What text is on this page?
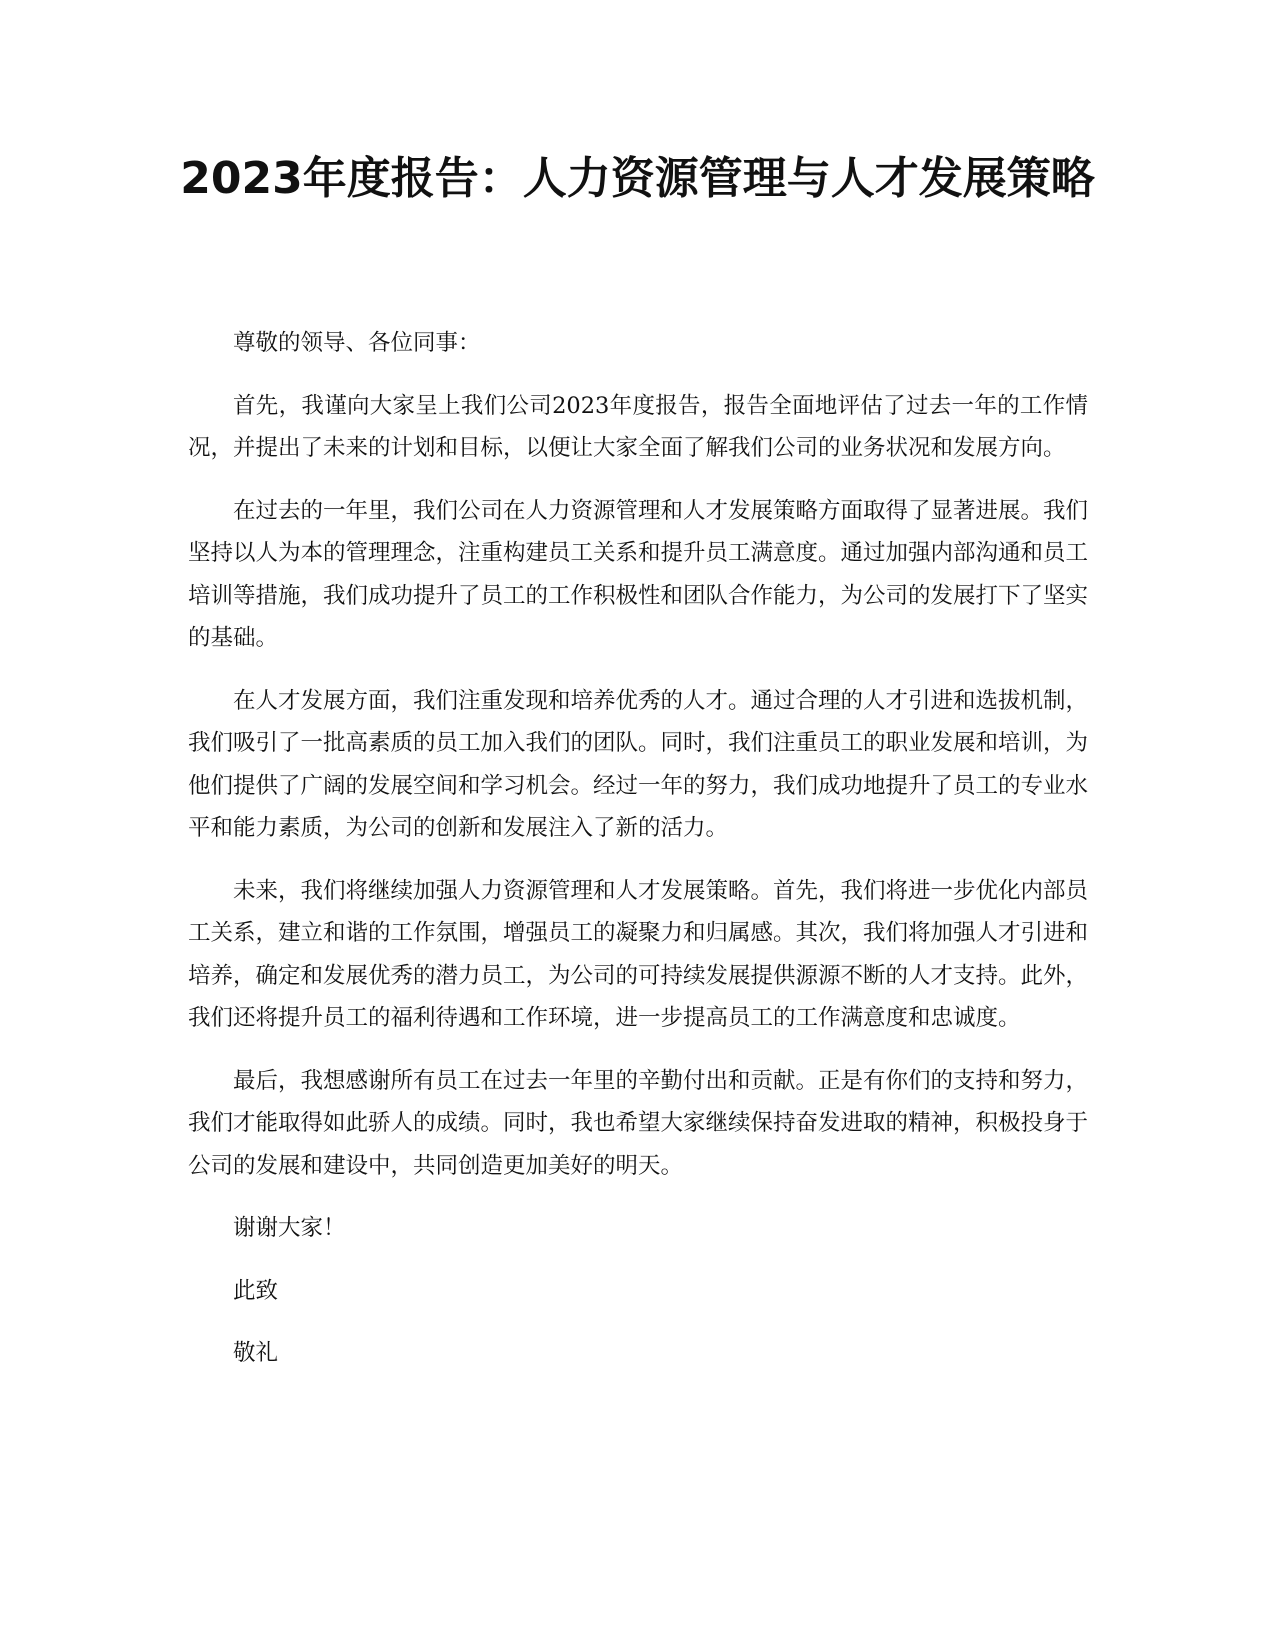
2023年度报告：人力资源管理与人才发展策略

尊敬的领导、各位同事：

首先，我谨向大家呈上我们公司2023年度报告，报告全面地评估了过去一年的工作情况，并提出了未来的计划和目标，以便让大家全面了解我们公司的业务状况和发展方向。

在过去的一年里，我们公司在人力资源管理和人才发展策略方面取得了显著进展。我们坚持以人为本的管理理念，注重构建员工关系和提升员工满意度。通过加强内部沟通和员工培训等措施，我们成功提升了员工的工作积极性和团队合作能力，为公司的发展打下了坚实的基础。

在人才发展方面，我们注重发现和培养优秀的人才。通过合理的人才引进和选拔机制，我们吸引了一批高素质的员工加入我们的团队。同时，我们注重员工的职业发展和培训，为他们提供了广阔的发展空间和学习机会。经过一年的努力，我们成功地提升了员工的专业水平和能力素质，为公司的创新和发展注入了新的活力。

未来，我们将继续加强人力资源管理和人才发展策略。首先，我们将进一步优化内部员工关系，建立和谐的工作氛围，增强员工的凝聚力和归属感。其次，我们将加强人才引进和培养，确定和发展优秀的潜力员工，为公司的可持续发展提供源源不断的人才支持。此外，我们还将提升员工的福利待遇和工作环境，进一步提高员工的工作满意度和忠诚度。

最后，我想感谢所有员工在过去一年里的辛勤付出和贡献。正是有你们的支持和努力，我们才能取得如此骄人的成绩。同时，我也希望大家继续保持奋发进取的精神，积极投身于公司的发展和建设中，共同创造更加美好的明天。

谢谢大家！

此致

敬礼
